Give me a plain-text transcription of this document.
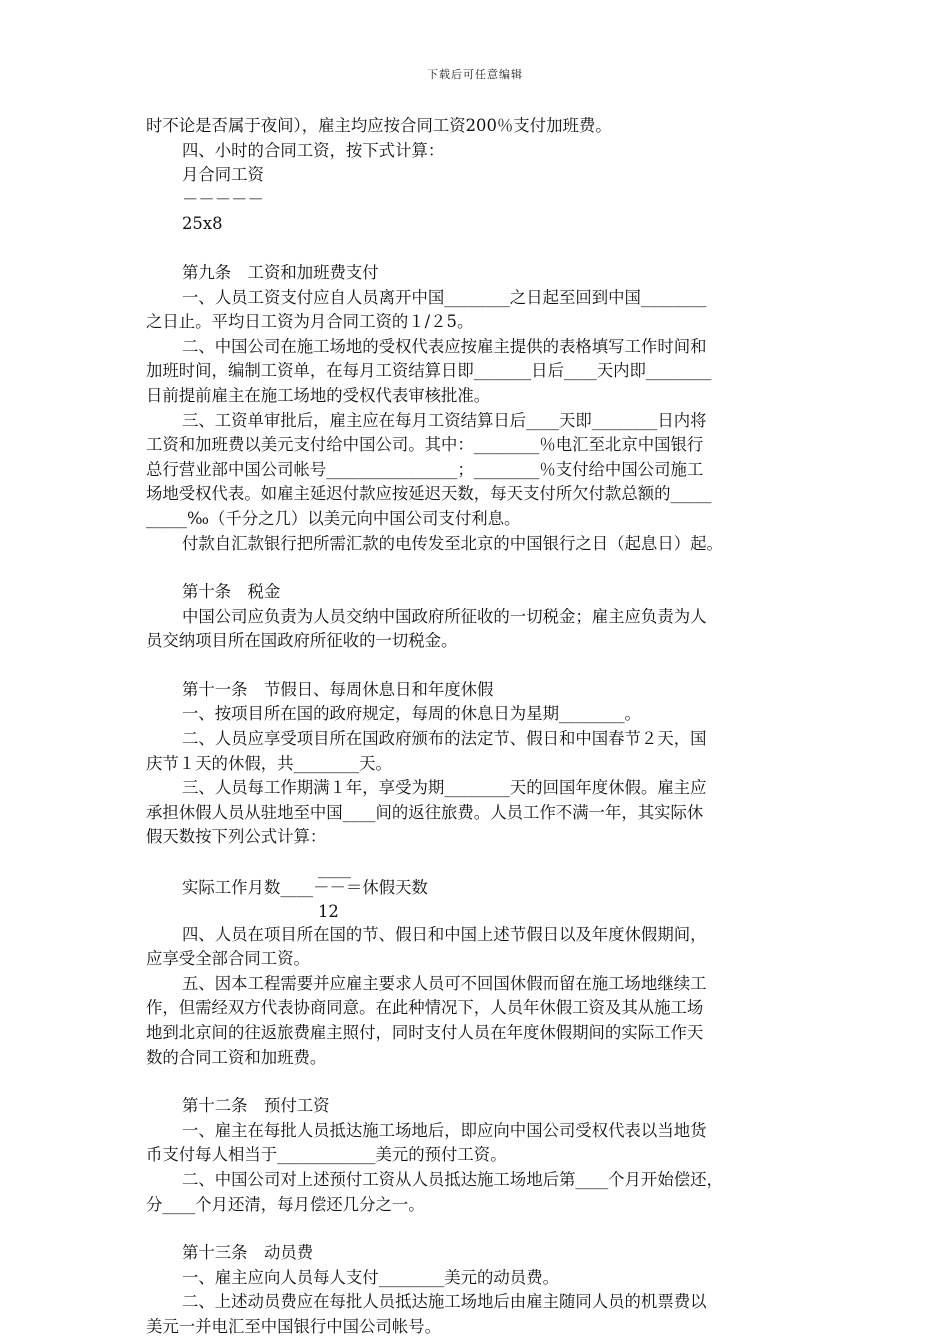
下载后可任意编辑

时不论是否属于夜间），雇主均应按合同工资200％支付加班费。

四、小时的合同工资，按下式计算：

月合同工资

－－－－－

25x8

第九条　工资和加班费支付

一、人员工资支付应自人员离开中国________之日起至回到中国________

之日止。平均日工资为月合同工资的１/２5。

二、中国公司在施工场地的受权代表应按雇主提供的表格填写工作时间和

加班时间，编制工资单，在每月工资结算日即_______日后____天内即________

日前提前雇主在施工场地的受权代表审核批准。

三、工资单审批后，雇主应在每月工资结算日后____天即________日内将

工资和加班费以美元支付给中国公司。其中：________％电汇至北京中国银行

总行营业部中国公司帐号________________；________％支付给中国公司施工

场地受权代表。如雇主延迟付款应按延迟天数，每天支付所欠付款总额的_____

_____‰（千分之几）以美元向中国公司支付利息。

付款自汇款银行把所需汇款的电传发至北京的中国银行之日（起息日）起。

第十条　税金

中国公司应负责为人员交纳中国政府所征收的一切税金；雇主应负责为人

员交纳项目所在国政府所征收的一切税金。

第十一条　节假日、每周休息日和年度休假

一、按项目所在国的政府规定，每周的休息日为星期________。

二、人员应享受项目所在国政府颁布的法定节、假日和中国春节２天，国

庆节１天的休假，共________天。

三、人员每工作期满１年，享受为期________天的回国年度休假。雇主应

承担休假人员从驻地至中国____间的返往旅费。人员工作不满一年，其实际休

假天数按下列公式计算：

____

实际工作月数____－－＝休假天数

12

四、人员在项目所在国的节、假日和中国上述节假日以及年度休假期间，

应享受全部合同工资。

五、因本工程需要并应雇主要求人员可不回国休假而留在施工场地继续工

作，但需经双方代表协商同意。在此种情况下，人员年休假工资及其从施工场

地到北京间的往返旅费雇主照付，同时支付人员在年度休假期间的实际工作天

数的合同工资和加班费。

第十二条　预付工资

一、雇主在每批人员抵达施工场地后，即应向中国公司受权代表以当地货

币支付每人相当于____________美元的预付工资。

二、中国公司对上述预付工资从人员抵达施工场地后第____个月开始偿还，

分____个月还清，每月偿还几分之一。

第十三条　动员费

一、雇主应向人员每人支付________美元的动员费。

二、上述动员费应在每批人员抵达施工场地后由雇主随同人员的机票费以

美元一并电汇至中国银行中国公司帐号。
